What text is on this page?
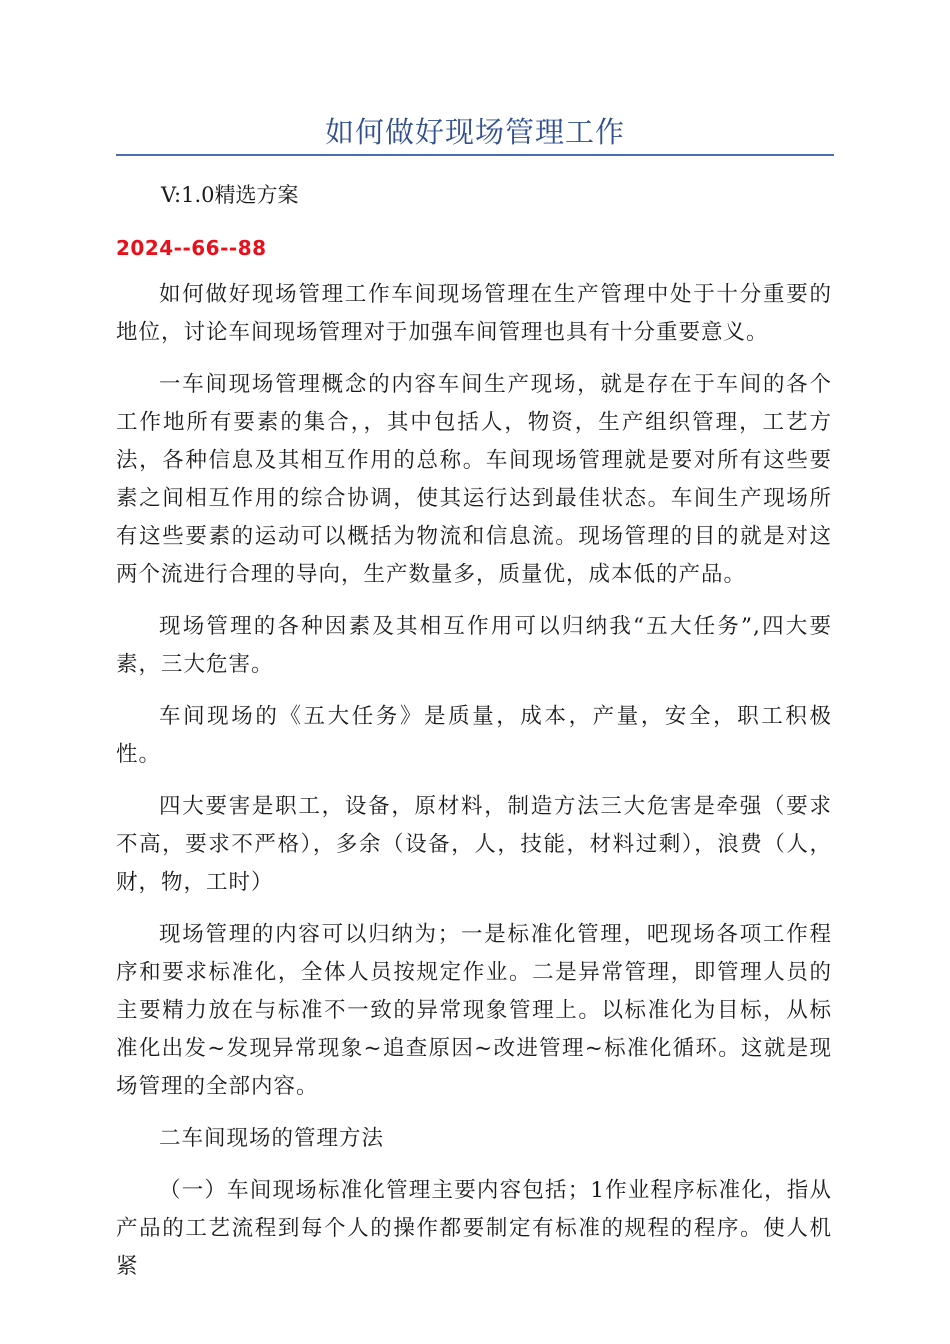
如何做好现场管理工作
V:1.0精选方案
2024--66--88

如何做好现场管理工作车间现场管理在生产管理中处于十分重要的地位，讨论车间现场管理对于加强车间管理也具有十分重要意义。

一车间现场管理概念的内容车间生产现场，就是存在于车间的各个工作地所有要素的集合，，其中包括人，物资，生产组织管理，工艺方法，各种信息及其相互作用的总称。车间现场管理就是要对所有这些要素之间相互作用的综合协调，使其运行达到最佳状态。车间生产现场所有这些要素的运动可以概括为物流和信息流。现场管理的目的就是对这两个流进行合理的导向，生产数量多，质量优，成本低的产品。

现场管理的各种因素及其相互作用可以归纳我“五大任务”,四大要素，三大危害。

车间现场的《五大任务》是质量，成本，产量，安全，职工积极性。

四大要害是职工，设备，原材料，制造方法三大危害是牵强（要求不高，要求不严格），多余（设备，人，技能，材料过剩），浪费（人，财，物，工时）

现场管理的内容可以归纳为；一是标准化管理，吧现场各项工作程序和要求标准化，全体人员按规定作业。二是异常管理，即管理人员的主要精力放在与标准不一致的异常现象管理上。以标准化为目标，从标准化出发~发现异常现象~追查原因~改进管理~标准化循环。这就是现场管理的全部内容。

二车间现场的管理方法

（一）车间现场标准化管理主要内容包括；1作业程序标准化，指从产品的工艺流程到每个人的操作都要制定有标准的规程的程序。使人机紧
